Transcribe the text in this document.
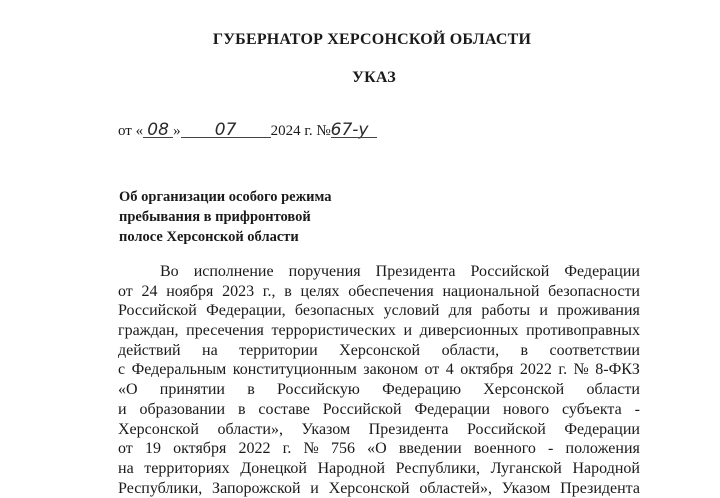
ГУБЕРНАТОР ХЕРСОНСКОЙ ОБЛАСТИ
УКАЗ
от « 08 » 07 2024 г. №67-у
Об организации особого режима
пребывания в прифронтовой
полосе Херсонской области
Во исполнение поручения Президента Российской Федерации
от 24 ноября 2023 г., в целях обеспечения национальной безопасности
Российской Федерации, безопасных условий для работы и проживания
граждан, пресечения террористических и диверсионных противоправных
действий на территории Херсонской области, в соответствии
с Федеральным конституционным законом от 4 октября 2022 г. № 8-ФКЗ
«О принятии в Российскую Федерацию Херсонской области
и образовании в составе Российской Федерации нового субъекта -
Херсонской области», Указом Президента Российской Федерации
от 19 октября 2022 г. № 756 «О введении военного - положения
на территориях Донецкой Народной Республики, Луганской Народной
Республики, Запорожской и Херсонской областей», Указом Президента
